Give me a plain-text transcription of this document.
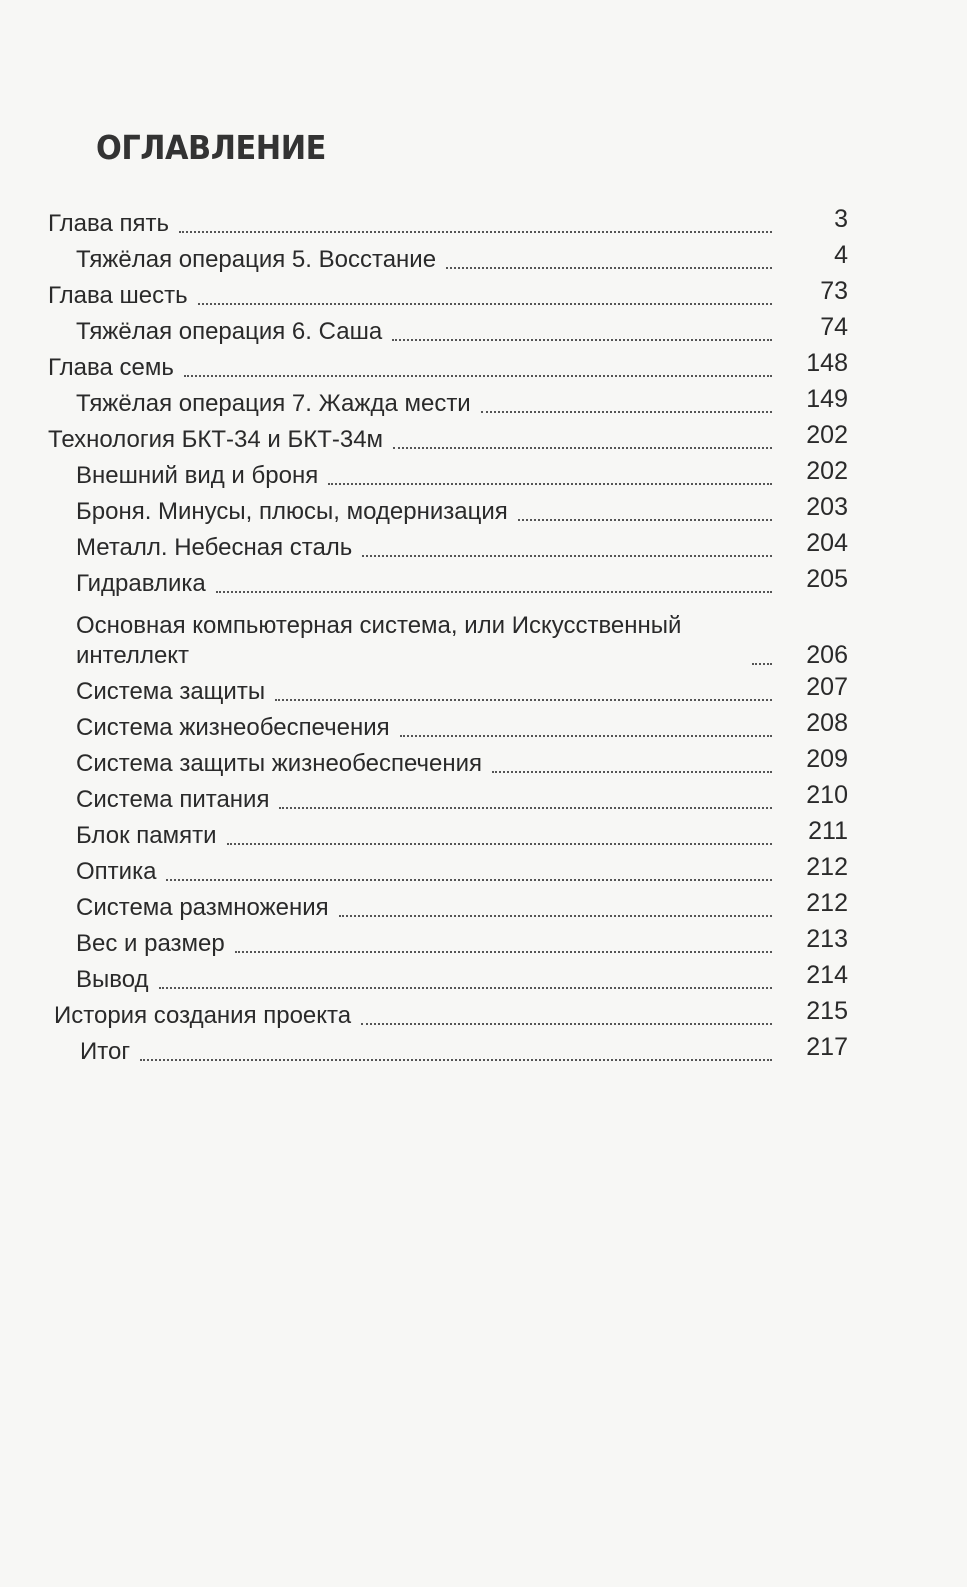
ОГЛАВЛЕНИЕ
Глава пять	3
Тяжёлая операция 5. Восстание	4
Глава шесть	73
Тяжёлая операция 6. Саша	74
Глава семь	148
Тяжёлая операция 7. Жажда мести	149
Технология БКТ-34 и БКТ-34м	202
Внешний вид и броня	202
Броня. Минусы, плюсы, модернизация	203
Металл. Небесная сталь	204
Гидравлика	205
Основная компьютерная система, или Искусственный интеллект	206
Система защиты	207
Система жизнеобеспечения	208
Система защиты жизнеобеспечения	209
Система питания	210
Блок памяти	211
Оптика	212
Система размножения	212
Вес и размер	213
Вывод	214
История создания проекта	215
Итог	217
